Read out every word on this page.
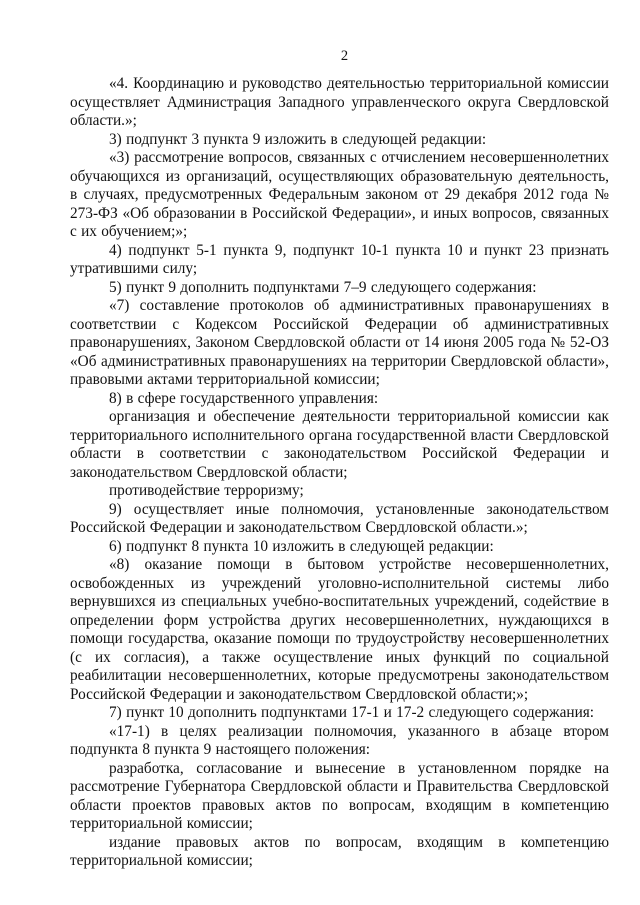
2

«4. Координацию и руководство деятельностью территориальной комиссии осуществляет Администрация Западного управленческого округа Свердловской области.»;

3) подпункт 3 пункта 9 изложить в следующей редакции:

«3) рассмотрение вопросов, связанных с отчислением несовершеннолетних обучающихся из организаций, осуществляющих образовательную деятельность, в случаях, предусмотренных Федеральным законом от 29 декабря 2012 года № 273-ФЗ «Об образовании в Российской Федерации», и иных вопросов, связанных с их обучением;»;

4) подпункт 5-1 пункта 9, подпункт 10-1 пункта 10 и пункт 23 признать утратившими силу;

5) пункт 9 дополнить подпунктами 7–9 следующего содержания:

«7) составление протоколов об административных правонарушениях в соответствии с Кодексом Российской Федерации об административных правонарушениях, Законом Свердловской области от 14 июня 2005 года № 52-ОЗ «Об административных правонарушениях на территории Свердловской области», правовыми актами территориальной комиссии;

8) в сфере государственного управления:

организация и обеспечение деятельности территориальной комиссии как территориального исполнительного органа государственной власти Свердловской области в соответствии с законодательством Российской Федерации и законодательством Свердловской области;

противодействие терроризму;

9) осуществляет иные полномочия, установленные законодательством Российской Федерации и законодательством Свердловской области.»;

6) подпункт 8 пункта 10 изложить в следующей редакции:

«8) оказание помощи в бытовом устройстве несовершеннолетних, освобожденных из учреждений уголовно-исполнительной системы либо вернувшихся из специальных учебно-воспитательных учреждений, содействие в определении форм устройства других несовершеннолетних, нуждающихся в помощи государства, оказание помощи по трудоустройству несовершеннолетних (с их согласия), а также осуществление иных функций по социальной реабилитации несовершеннолетних, которые предусмотрены законодательством Российской Федерации и законодательством Свердловской области;»;

7) пункт 10 дополнить подпунктами 17-1 и 17-2 следующего содержания:

«17-1) в целях реализации полномочия, указанного в абзаце втором подпункта 8 пункта 9 настоящего положения:

разработка, согласование и вынесение в установленном порядке на рассмотрение Губернатора Свердловской области и Правительства Свердловской области проектов правовых актов по вопросам, входящим в компетенцию территориальной комиссии;

издание правовых актов по вопросам, входящим в компетенцию территориальной комиссии;
